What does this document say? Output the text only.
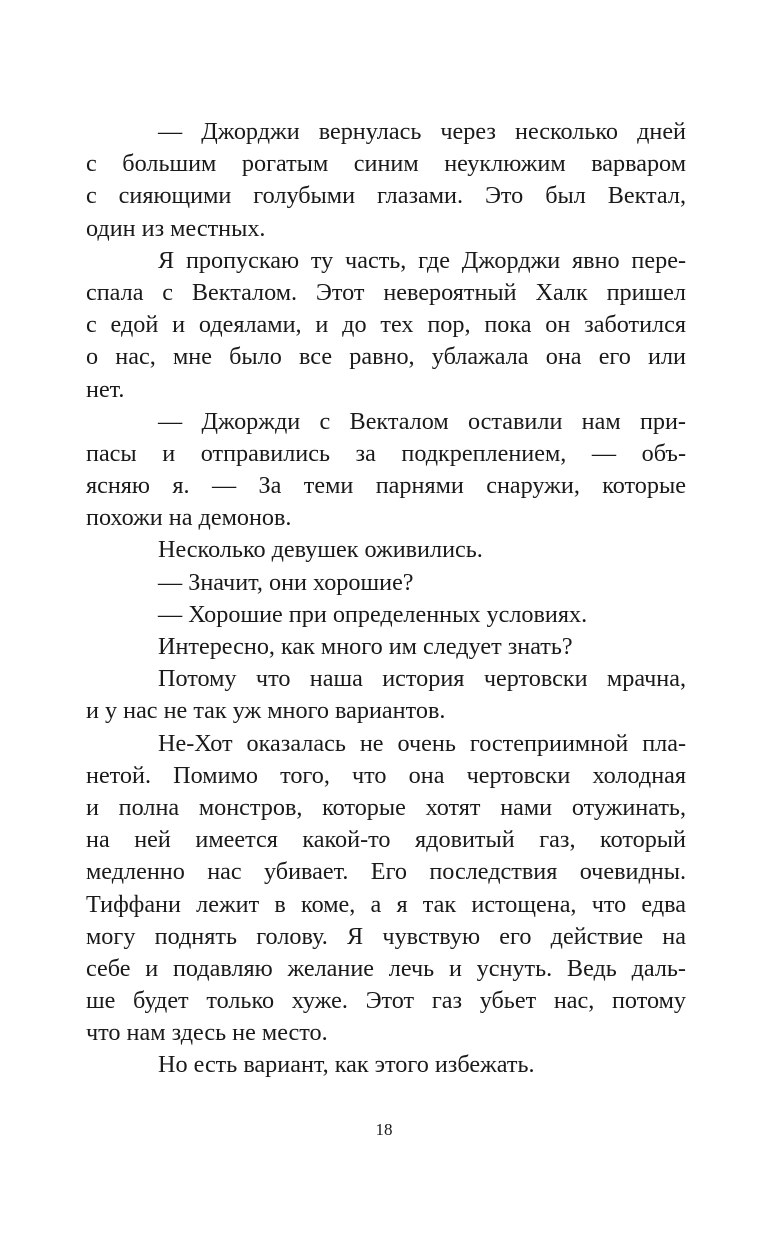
— Джорджи вернулась через несколько дней
с большим рогатым синим неуклюжим варваром
с сияющими голубыми глазами. Это был Вектал,
один из местных.
Я пропускаю ту часть, где Джорджи явно пере-
спала с Векталом. Этот невероятный Халк пришел
с едой и одеялами, и до тех пор, пока он заботился
о нас, мне было все равно, ублажала она его или
нет.
— Джоржди с Векталом оставили нам при-
пасы и отправились за подкреплением, — объ-
ясняю я. — За теми парнями снаружи, которые
похожи на демонов.
Несколько девушек оживились.
— Значит, они хорошие?
— Хорошие при определенных условиях.
Интересно, как много им следует знать?
Потому что наша история чертовски мрачна,
и у нас не так уж много вариантов.
Не-Хот оказалась не очень гостеприимной пла-
нетой. Помимо того, что она чертовски холодная
и полна монстров, которые хотят нами отужинать,
на ней имеется какой-то ядовитый газ, который
медленно нас убивает. Его последствия очевидны.
Тиффани лежит в коме, а я так истощена, что едва
могу поднять голову. Я чувствую его действие на
себе и подавляю желание лечь и уснуть. Ведь даль-
ше будет только хуже. Этот газ убьет нас, потому
что нам здесь не место.
Но есть вариант, как этого избежать.
18
